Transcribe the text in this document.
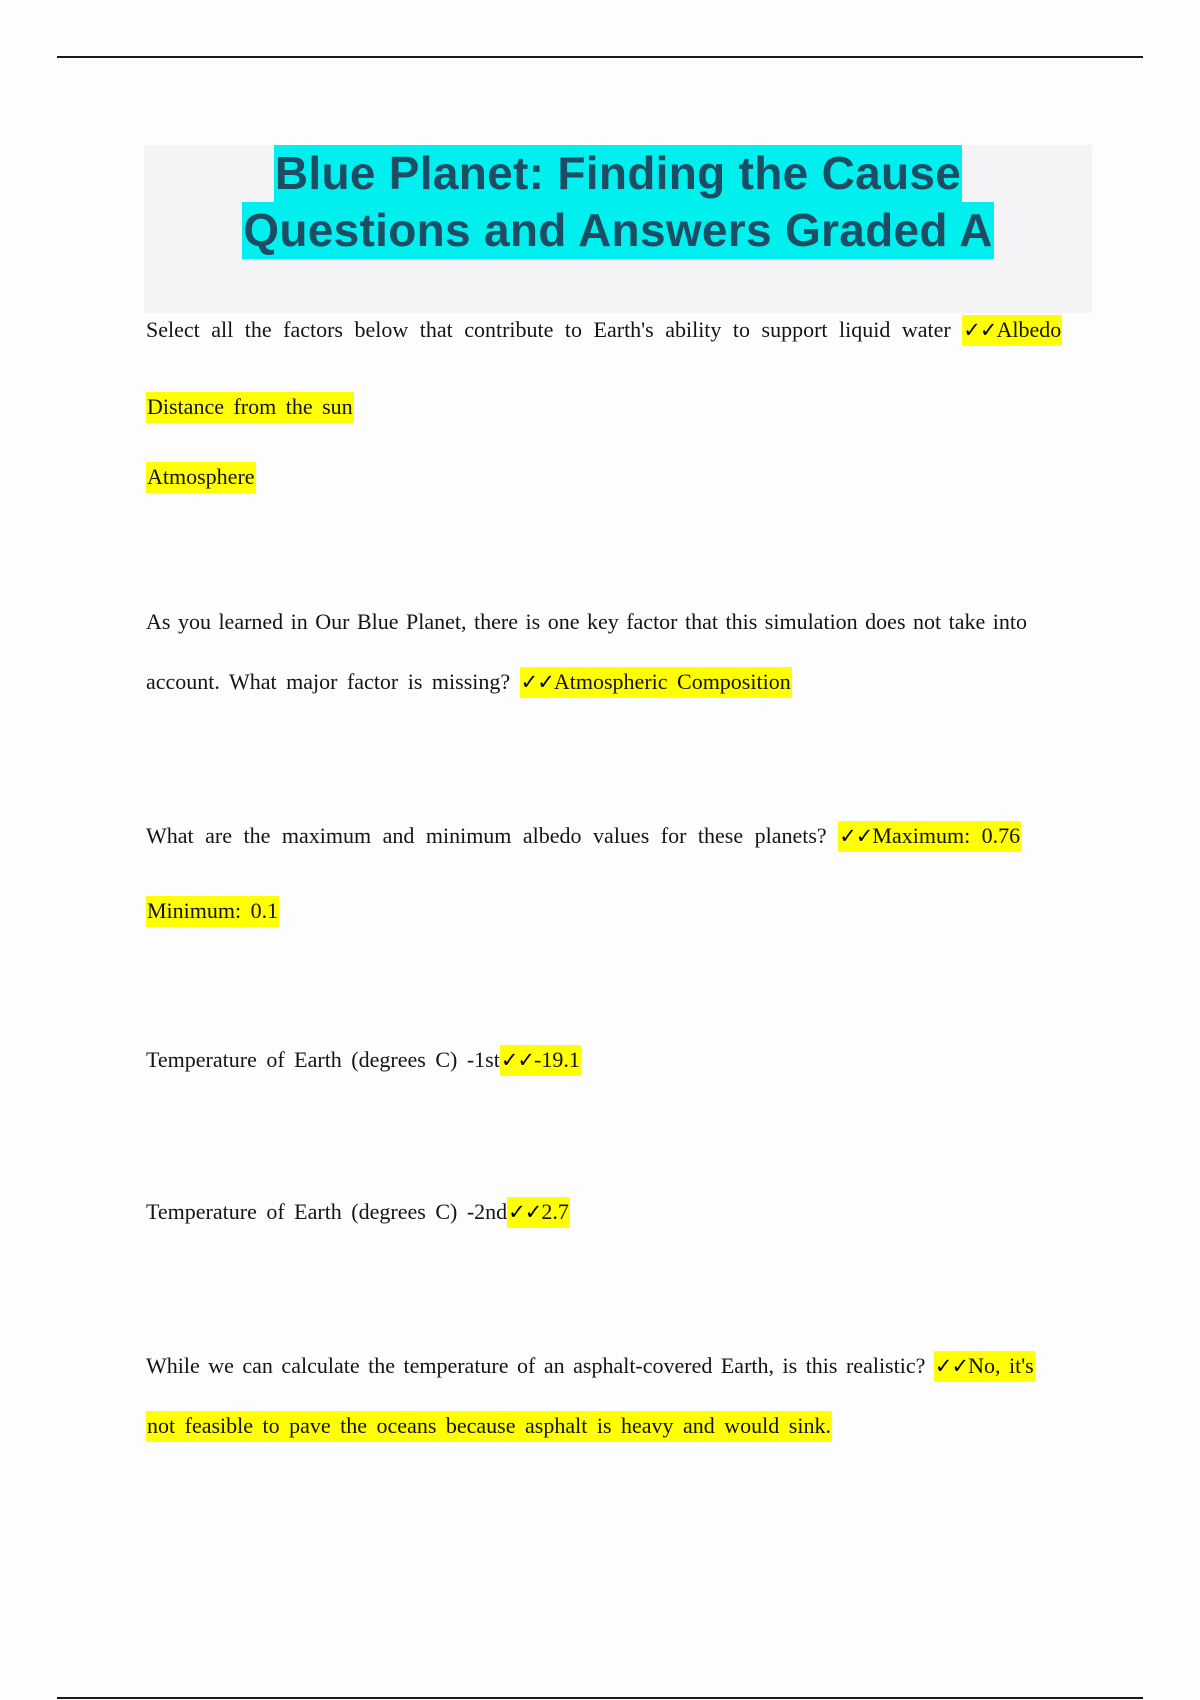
Blue Planet: Finding the Cause
Questions and Answers Graded A
Select all the factors below that contribute to Earth's ability to support liquid water ✓✓Albedo
Distance from the sun
Atmosphere
As you learned in Our Blue Planet, there is one key factor that this simulation does not take into
account. What major factor is missing? ✓✓Atmospheric Composition
What are the maximum and minimum albedo values for these planets? ✓✓Maximum: 0.76
Minimum: 0.1
Temperature of Earth (degrees C) -1st✓✓-19.1
Temperature of Earth (degrees C) -2nd✓✓2.7
While we can calculate the temperature of an asphalt-covered Earth, is this realistic? ✓✓No, it's
not feasible to pave the oceans because asphalt is heavy and would sink.
